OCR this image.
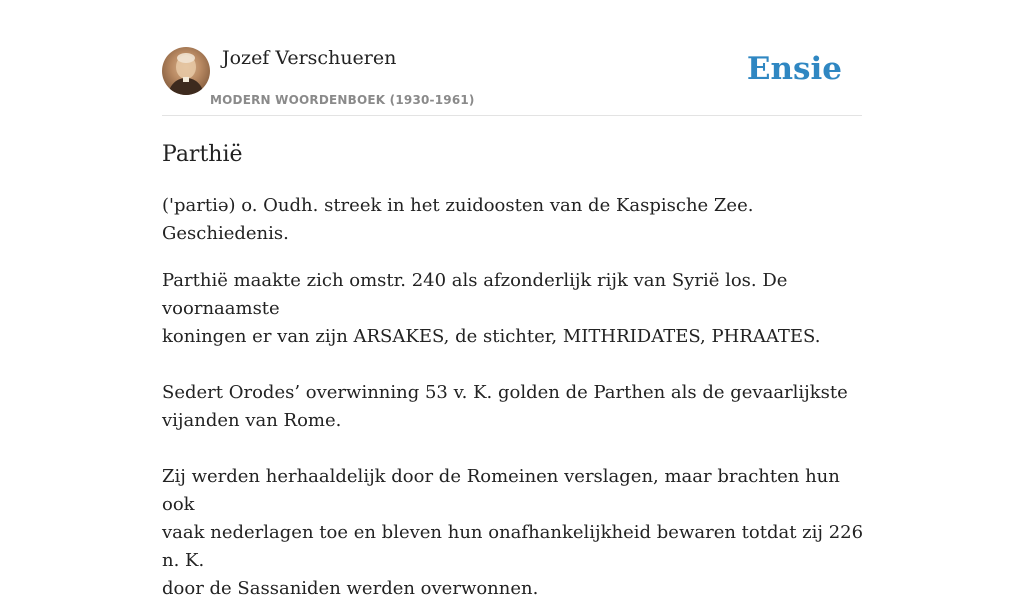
Jozef Verschueren
MODERN WOORDENBOEK (1930-1961)
Ensie
Parthië

('partiə) o. Oudh. streek in het zuidoosten van de Kaspische Zee. Geschiedenis.

Parthië maakte zich omstr. 240 als afzonderlijk rijk van Syrië los. De voornaamste
koningen er van zijn ARSAKES, de stichter, MITHRIDATES, PHRAATES.

Sedert Orodes’ overwinning 53 v. K. golden de Parthen als de gevaarlijkste
vijanden van Rome.

Zij werden herhaaldelijk door de Romeinen verslagen, maar brachten hun ook
vaak nederlagen toe en bleven hun onafhankelijkheid bewaren totdat zij 226 n. K.
door de Sassaniden werden overwonnen.
